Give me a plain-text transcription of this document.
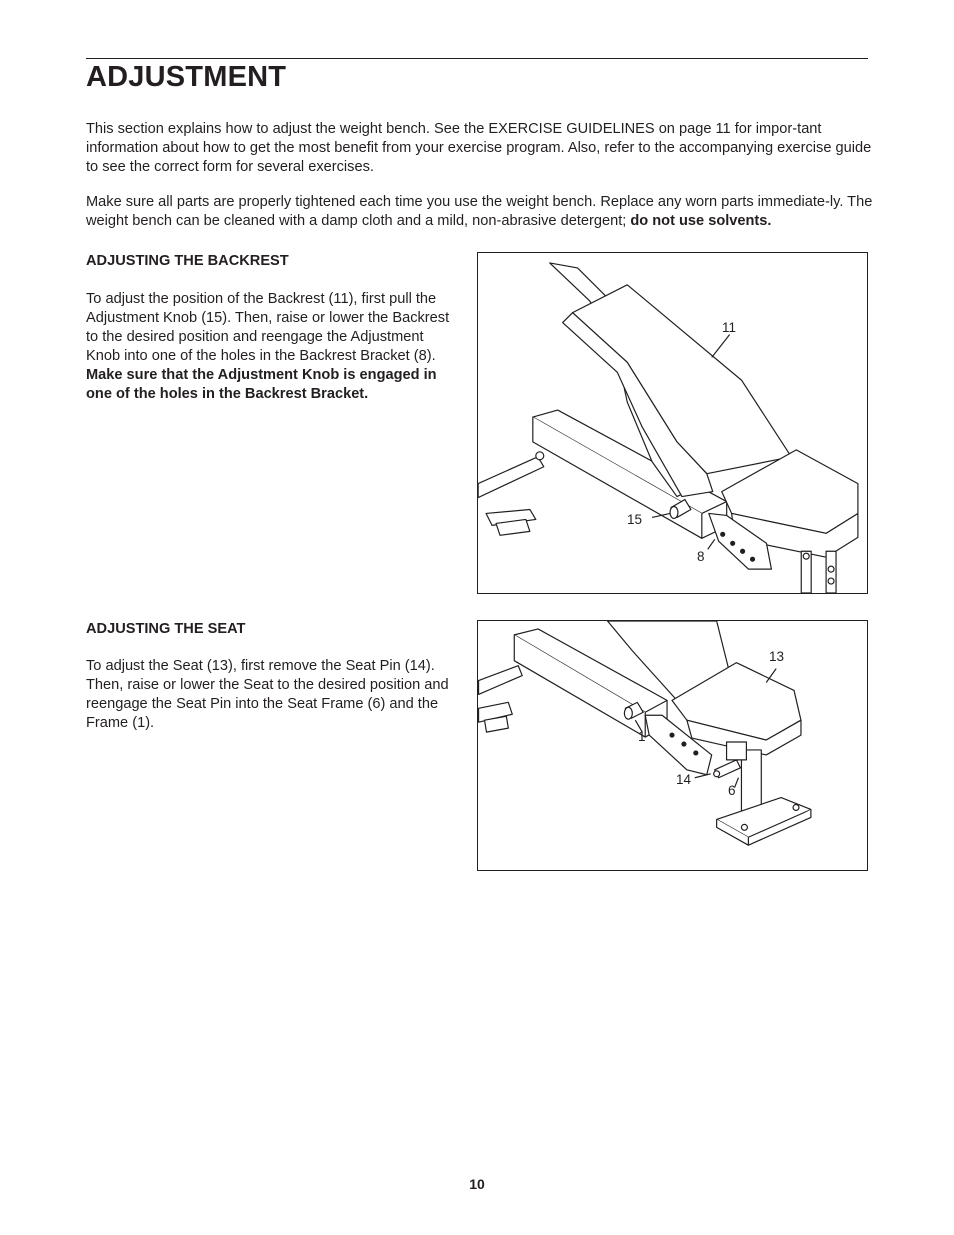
ADJUSTMENT

This section explains how to adjust the weight bench. See the EXERCISE GUIDELINES on page 11 for impor-tant information about how to get the most benefit from your exercise program. Also, refer to the accompanying exercise guide to see the correct form for several exercises.

Make sure all parts are properly tightened each time you use the weight bench. Replace any worn parts immediate-ly. The weight bench can be cleaned with a damp cloth and a mild, non-abrasive detergent; do not use solvents.

ADJUSTING THE BACKREST

To adjust the position of the Backrest (11), first pull the Adjustment Knob (15). Then, raise or lower the Backrest to the desired position and reengage the Adjustment Knob into one of the holes in the Backrest Bracket (8). Make sure that the Adjustment Knob is engaged in one of the holes in the Backrest Bracket.

11
15
8
ADJUSTING THE SEAT

To adjust the Seat (13), first remove the Seat Pin (14). Then, raise or lower the Seat to the desired position and reengage the Seat Pin into the Seat Frame (6) and the Frame (1).

13
1
14
6
10
